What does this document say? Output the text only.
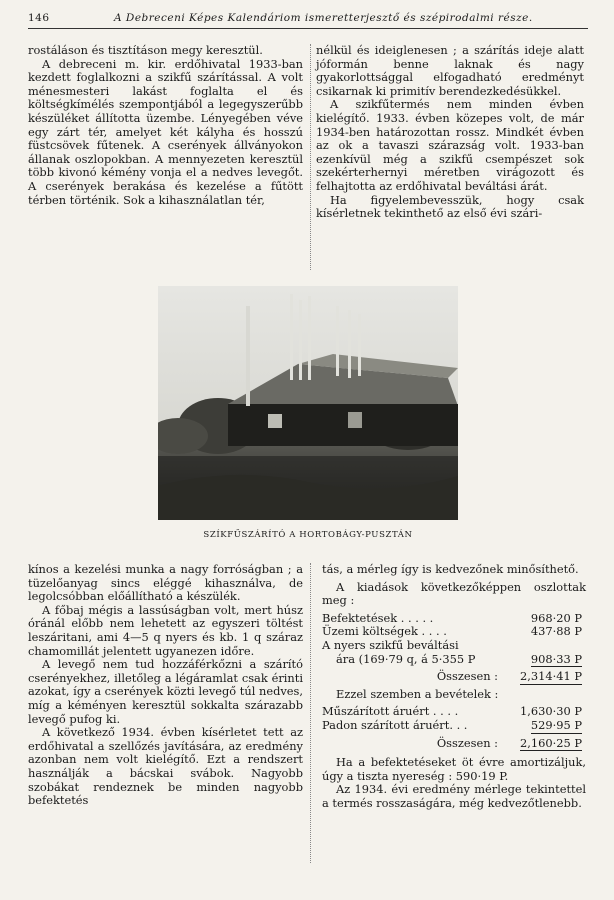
146	A Debreceni Képes Kalendáriom ismeretterjesztő és szépirodalmi része.

rostáláson és tisztításon megy keresztül.

A debreceni m. kir. erdőhivatal 1933-ban kezdett foglalkozni a szikfű szárítással. A volt ménesmesteri lakást foglalta el és költségkímélés szempontjából a legegyszerűbb készüléket állította üzembe. Lényegében véve egy zárt tér, amelyet két kályha és hosszú füstcsövek fűtenek. A cserények állványokon állanak oszlopokban. A mennyezeten keresztül több kivonó kémény vonja el a nedves levegőt. A cserények berakása és kezelése a fűtött térben történik. Sok a kihasználatlan tér,

nélkül és ideiglenesen ; a szárítás ideje alatt jóformán benne laknak és nagy gyakorlottsággal elfogadható eredményt csikarnak ki primitív berendezkedésükkel.

A szikfűtermés nem minden évben kielégítő. 1933. évben közepes volt, de már 1934-ben határozottan rossz. Mindkét évben az ok a tavaszi szárazság volt. 1933-ban ezenkívül még a szikfű csempészet sok szekérterhernyi méretben virágozott és felhajtotta az erdőhivatal beváltási árát.

Ha figyelembevesszük, hogy csak kísérletnek tekinthető az első évi szári-

SZÍKFŰSZÁRÍTÓ A HORTOBÁGY-PUSZTÁN

kínos a kezelési munka a nagy forróságban ; a tüzelőanyag sincs eléggé kihasználva, de legolcsóbban előállítható a készülék.

A főbaj mégis a lassúságban volt, mert húsz óránál előbb nem lehetett az egyszeri töltést leszáritani, ami 4—5 q nyers és kb. 1 q száraz chamomillát jelentett ugyanezen időre.

A levegő nem tud hozzáférkőzni a szárító cserényekhez, illetőleg a légáramlat csak érinti azokat, így a cserények közti levegő túl nedves, míg a kéményen keresztül sokkalta szárazabb levegő pufog ki.

A következő 1934. évben kísérletet tett az erdőhivatal a szellőzés javítására, az eredmény azonban nem volt kielégítő. Ezt a rendszert használják a bácskai svábok. Nagyobb szobákat rendeznek be minden nagyobb befektetés

tás, a mérleg így is kedvezőnek minősíthető.

A kiadások következőképpen oszlottak meg :

Befektetések . . . . .	968·20 P
Üzemi költségek . . . .	437·88 P
A nyers szikfű beváltási
ára (169·79 q, á 5·355 P	908·33 P
Összesen : 2,314·41 P

Ezzel szemben a bevételek :

Műszárított áruért . . . .	1,630·30 P
Padon szárított áruért. . .	529·95 P
Összesen : 2,160·25 P

Ha a befektetéseket öt évre amortizáljuk, úgy a tiszta nyereség : 590·19 P.

Az 1934. évi eredmény mérlege tekintettel a termés rosszaságára, még kedvezőtlenebb.
